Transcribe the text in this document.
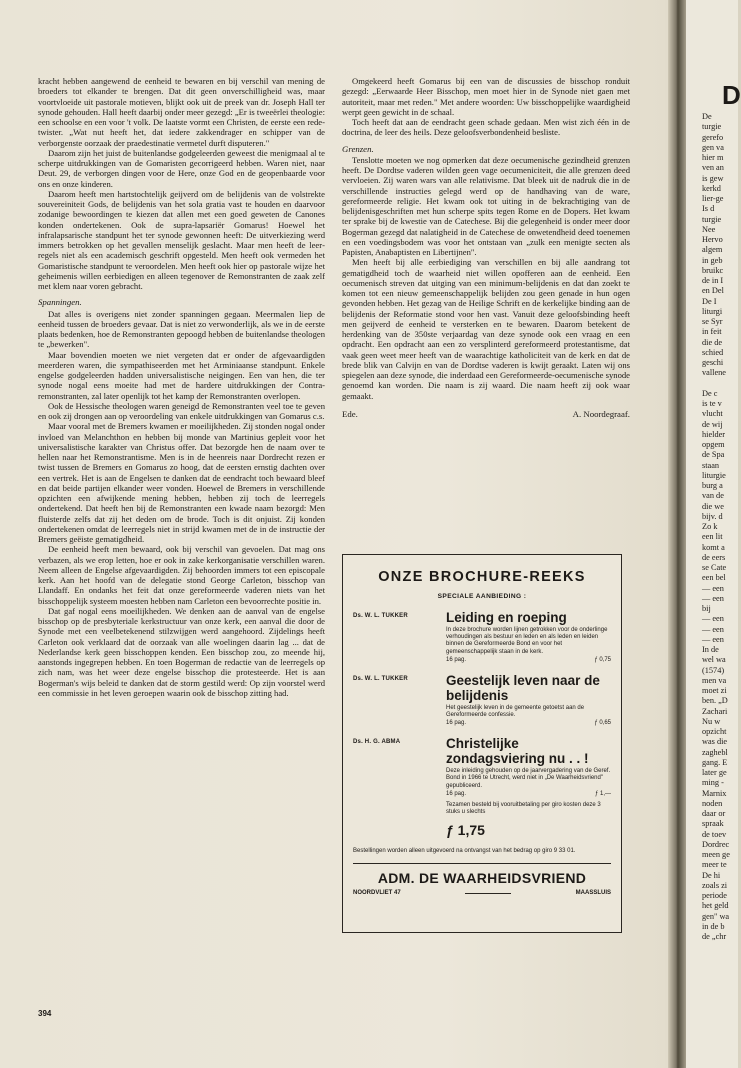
kracht hebben aangewend de eenheid te bewaren en bij verschil van mening de broeders tot elkander te brengen. Dat dit geen onverschilligheid was, maar voortvloeide uit pastorale motieven, blijkt ook uit de preek van dr. Joseph Hall ter synode gehouden. Hall heeft daarbij onder meer gezegd: „Er is tweeërlei theologie: een schoolse en een voor 't volk. De laatste vormt een Christen, de eerste een redetwister. „Wat nut heeft het, dat iedere zakkendrager en schipper van de verborgenste oorzaak der praedestinatie vermetel durft disputeren."

Daarom zijn het juist de buitenlandse godgeleerden geweest die menigmaal al te scherpe uitdrukkingen van de Gomaristen gecorrigeerd hebben. Waren niet, naar Deut. 29, de verborgen dingen voor de Here, onze God en de geopenbaarde voor ons en onze kinderen.

Daarom heeft men hartstochtelijk geijverd om de belijdenis van de volstrekte souvereiniteit Gods, de belijdenis van het sola gratia vast te houden en daarvoor zodanige bewoordingen te kiezen dat allen met een goed geweten de Canones konden ondertekenen. Ook de supra-lapsariër Gomarus! Hoewel het infralapsarische standpunt het ter synode gewonnen heeft: De uitverkiezing werd immers betrokken op het gevallen menselijk geslacht. Maar men heeft de leerregels niet als een academisch geschrift opgesteld. Men heeft ook vermeden het Gomaristische standpunt te veroordelen. Men heeft ook hier op pastorale wijze het geheimenis willen eerbiedigen en alleen tegenover de Remonstranten de zaak zelf met klem naar voren gebracht.

Spanningen.

Dat alles is overigens niet zonder spanningen gegaan. Meermalen liep de eenheid tussen de broeders gevaar. Dat is niet zo verwonderlijk, als we in de eerste plaats bedenken, hoe de Remonstranten gepoogd hebben de buitenlandse theologen te „bewerken".

Maar bovendien moeten we niet vergeten dat er onder de afgevaardigden meerderen waren, die sympathiseerden met het Arminiaanse standpunt. Enkele engelse godgeleerden hadden universalistische neigingen. Een van hen, die ter synode nogal eens moeite had met de hardere uitdrukkingen der Contra-remonstranten, zal later openlijk tot het kamp der Remonstranten overlopen.

Ook de Hessische theologen waren geneigd de Remonstranten veel toe te geven en ook zij drongen aan op veroordeling van enkele uitdrukkingen van Gomarus c.s.

Maar vooral met de Bremers kwamen er moeilijkheden. Zij stonden nogal onder invloed van Melanchthon en hebben bij monde van Martinius gepleit voor het universalistische karakter van Christus offer. Dat bezorgde hen de naam over te hellen naar het Remonstrantisme. Men is in de heenreis naar Dordrecht rezen er twist tussen de Bremers en Gomarus zo hoog, dat de eersten ernstig dachten over een vertrek. Het is aan de Engelsen te danken dat de eendracht toch bewaard bleef en dat beide partijen elkander weer vonden. Hoewel de Bremers in verschillende opzichten een afwijkende mening hebben, hebben zij toch de leerregels ondertekend. Dat heeft hen bij de Remonstranten een kwade naam bezorgd: Men fluisterde zelfs dat zij het deden om de brode. Toch is dit onjuist. Zij konden ondertekenen omdat de leerregels niet in strijd kwamen met de in de instructie der Bremers geëiste gematigdheid.

De eenheid heeft men bewaard, ook bij verschil van gevoelen. Dat mag ons verbazen, als we erop letten, hoe er ook in zake kerkorganisatie verschillen waren. Neem alleen de Engelse afgevaardigden. Zij behoorden immers tot een episcopale kerk. Aan het hoofd van de delegatie stond George Carleton, bisschop van Llandaff. En ondanks het feit dat onze gereformeerde vaderen niets van het bisschoppelijk systeem moesten hebben nam Carleton een bevoorrechte positie in.

Dat gaf nogal eens moeilijkheden. We denken aan de aanval van de engelse bisschop op de presbyteriale kerkstructuur van onze kerk, een aanval die door de Synode met een veelbetekenend stilzwijgen werd aangehoord. Zijdelings heeft Carleton ook verklaard dat de oorzaak van alle woelingen daarin lag ... dat de Nederlandse kerk geen bisschoppen kenden. Een bisschop zou, zo meende hij, aanstonds ingegrepen hebben. En toen Bogerman de redactie van de leerregels op zich nam, was het weer deze engelse bisschop die protesteerde. Het is aan Bogerman's wijs beleid te danken dat de storm gestild werd: Op zijn voorstel werd een commissie in het leven geroepen waarin ook de bisschop zitting had.

Omgekeerd heeft Gomarus bij een van de discussies de bisschop ronduit gezegd: „Eerwaarde Heer Bisschop, men moet hier in de Synode niet gaen met autoriteit, maar met reden." Met andere woorden: Uw bisschoppelijke waardigheid werpt geen gewicht in de schaal.

Toch heeft dat aan de eendracht geen schade gedaan. Men wist zich één in de doctrina, de leer des heils. Deze geloofsverbondenheid besliste.

Grenzen.

Tenslotte moeten we nog opmerken dat deze oecumenische gezindheid grenzen heeft. De Dordtse vaderen wilden geen vage oecumeniciteit, die alle grenzen deed vervloeien. Zij waren wars van alle relativisme. Dat bleek uit de nadruk die in de verschillende instructies gelegd werd op de handhaving van de ware, gereformeerde religie. Het kwam ook tot uiting in de bekrachtiging van de belijdenisgeschriften met hun scherpe spits tegen Rome en de Dopers. Het kwam ter sprake bij de kwestie van de Catechese. Bij die gelegenheid is onder meer door Bogerman gezegd dat nalatigheid in de Catechese de onwetendheid deed toenemen en een voedingsbodem was voor het ontstaan van „zulk een menigte secten als Papisten, Anabaptisten en Libertijnen".

Men heeft bij alle eerbiediging van verschillen en bij alle aandrang tot gematigdheid toch de waarheid niet willen opofferen aan de eenheid. Een oecumenisch streven dat uitging van een minimum-belijdenis en dat dan zoekt te komen tot een nieuw gemeenschappelijk belijden zou geen genade in hun ogen gevonden hebben. Het gezag van de Heilige Schrift en de kerkelijke binding aan de belijdenis der Reformatie stond voor hen vast. Vanuit deze geloofsbinding heeft men geijverd de eenheid te versterken en te bewaren. Daarom betekent de herdenking van de 350ste verjaardag van deze synode ook een vraag en een opdracht. Een opdracht aan een zo versplinterd gereformeerd protestantisme, dat vaak geen weet meer heeft van de waarachtige katholiciteit van de kerk en dat de brede blik van Calvijn en van de Dordtse vaderen is kwijt geraakt. Laten wij ons spiegelen aan deze synode, die inderdaad een Gereformeerde-oecumenische synode genoemd kan worden. Die naam is zij waard. Die naam heeft zij ook waar gemaakt.

Ede.	A. Noordegraaf.
ONZE BROCHURE-REEKS
SPECIALE AANBIEDING :
Ds. W. L. TUKKER	Leiding en roeping
In deze brochure worden lijnen getrokken voor de onderlinge verhoudingen als bestuur en leden en als leden en leiden binnen de Gereformeerde Bond en voor het gemeenschappelijk staan in de kerk.
16 pag.	ƒ 0,75
Ds. W. L. TUKKER	Geestelijk leven naar de belijdenis
Het geestelijk leven in de gemeente getoetst aan de Gereformeerde confessie.
16 pag.	ƒ 0,65
Ds. H. G. ABMA	Christelijke zondagsviering nu . . !
Deze inleiding gehouden op de jaarvergadering van de Geref. Bond in 1966 te Utrecht, werd niet in „De Waarheidsvriend" gepubliceerd.
16 pag.	ƒ 1,—
Tezamen besteld bij vooruitbetaling per giro kosten deze 3 stuks u slechts
ƒ 1,75
Bestellingen worden alleen uitgevoerd na ontvangst van het bedrag op giro 9 33 01.
ADM. DE WAARHEIDSVRIEND
NOORDVLIET 47	MAASSLUIS
394
D
De
turgie
gerefo
gen va
hier m
ven an
is gew
kerkd
lier-ge
Is d
turgie
Nee
Hervo
algem
in geb
bruikc
de in I
en Del
De I
liturgi
se Syr
in feit
die de
schied
geschi
vallene
De c
is te v
vlucht
de wij
hielder
opgem
de Spa
staan
liturgie
burg a
van de
die we
bijv. d
Zo k
een lit
komt a
de eers
se Cate
een bel
— een
— een
bij
— een
— een
— een
In de
wel wa
(1574)
men va
moet zi
ben. „D
Zachari
Nu w
opzicht
was die
zaghebl
gang. E
later ge
ming -
Marnix
noden
daar or
spraak
de toev
Dordrec
meen ge
meer te
De hi
zoals zi
periode
het geld
gen" wa
in de b
de „chr
